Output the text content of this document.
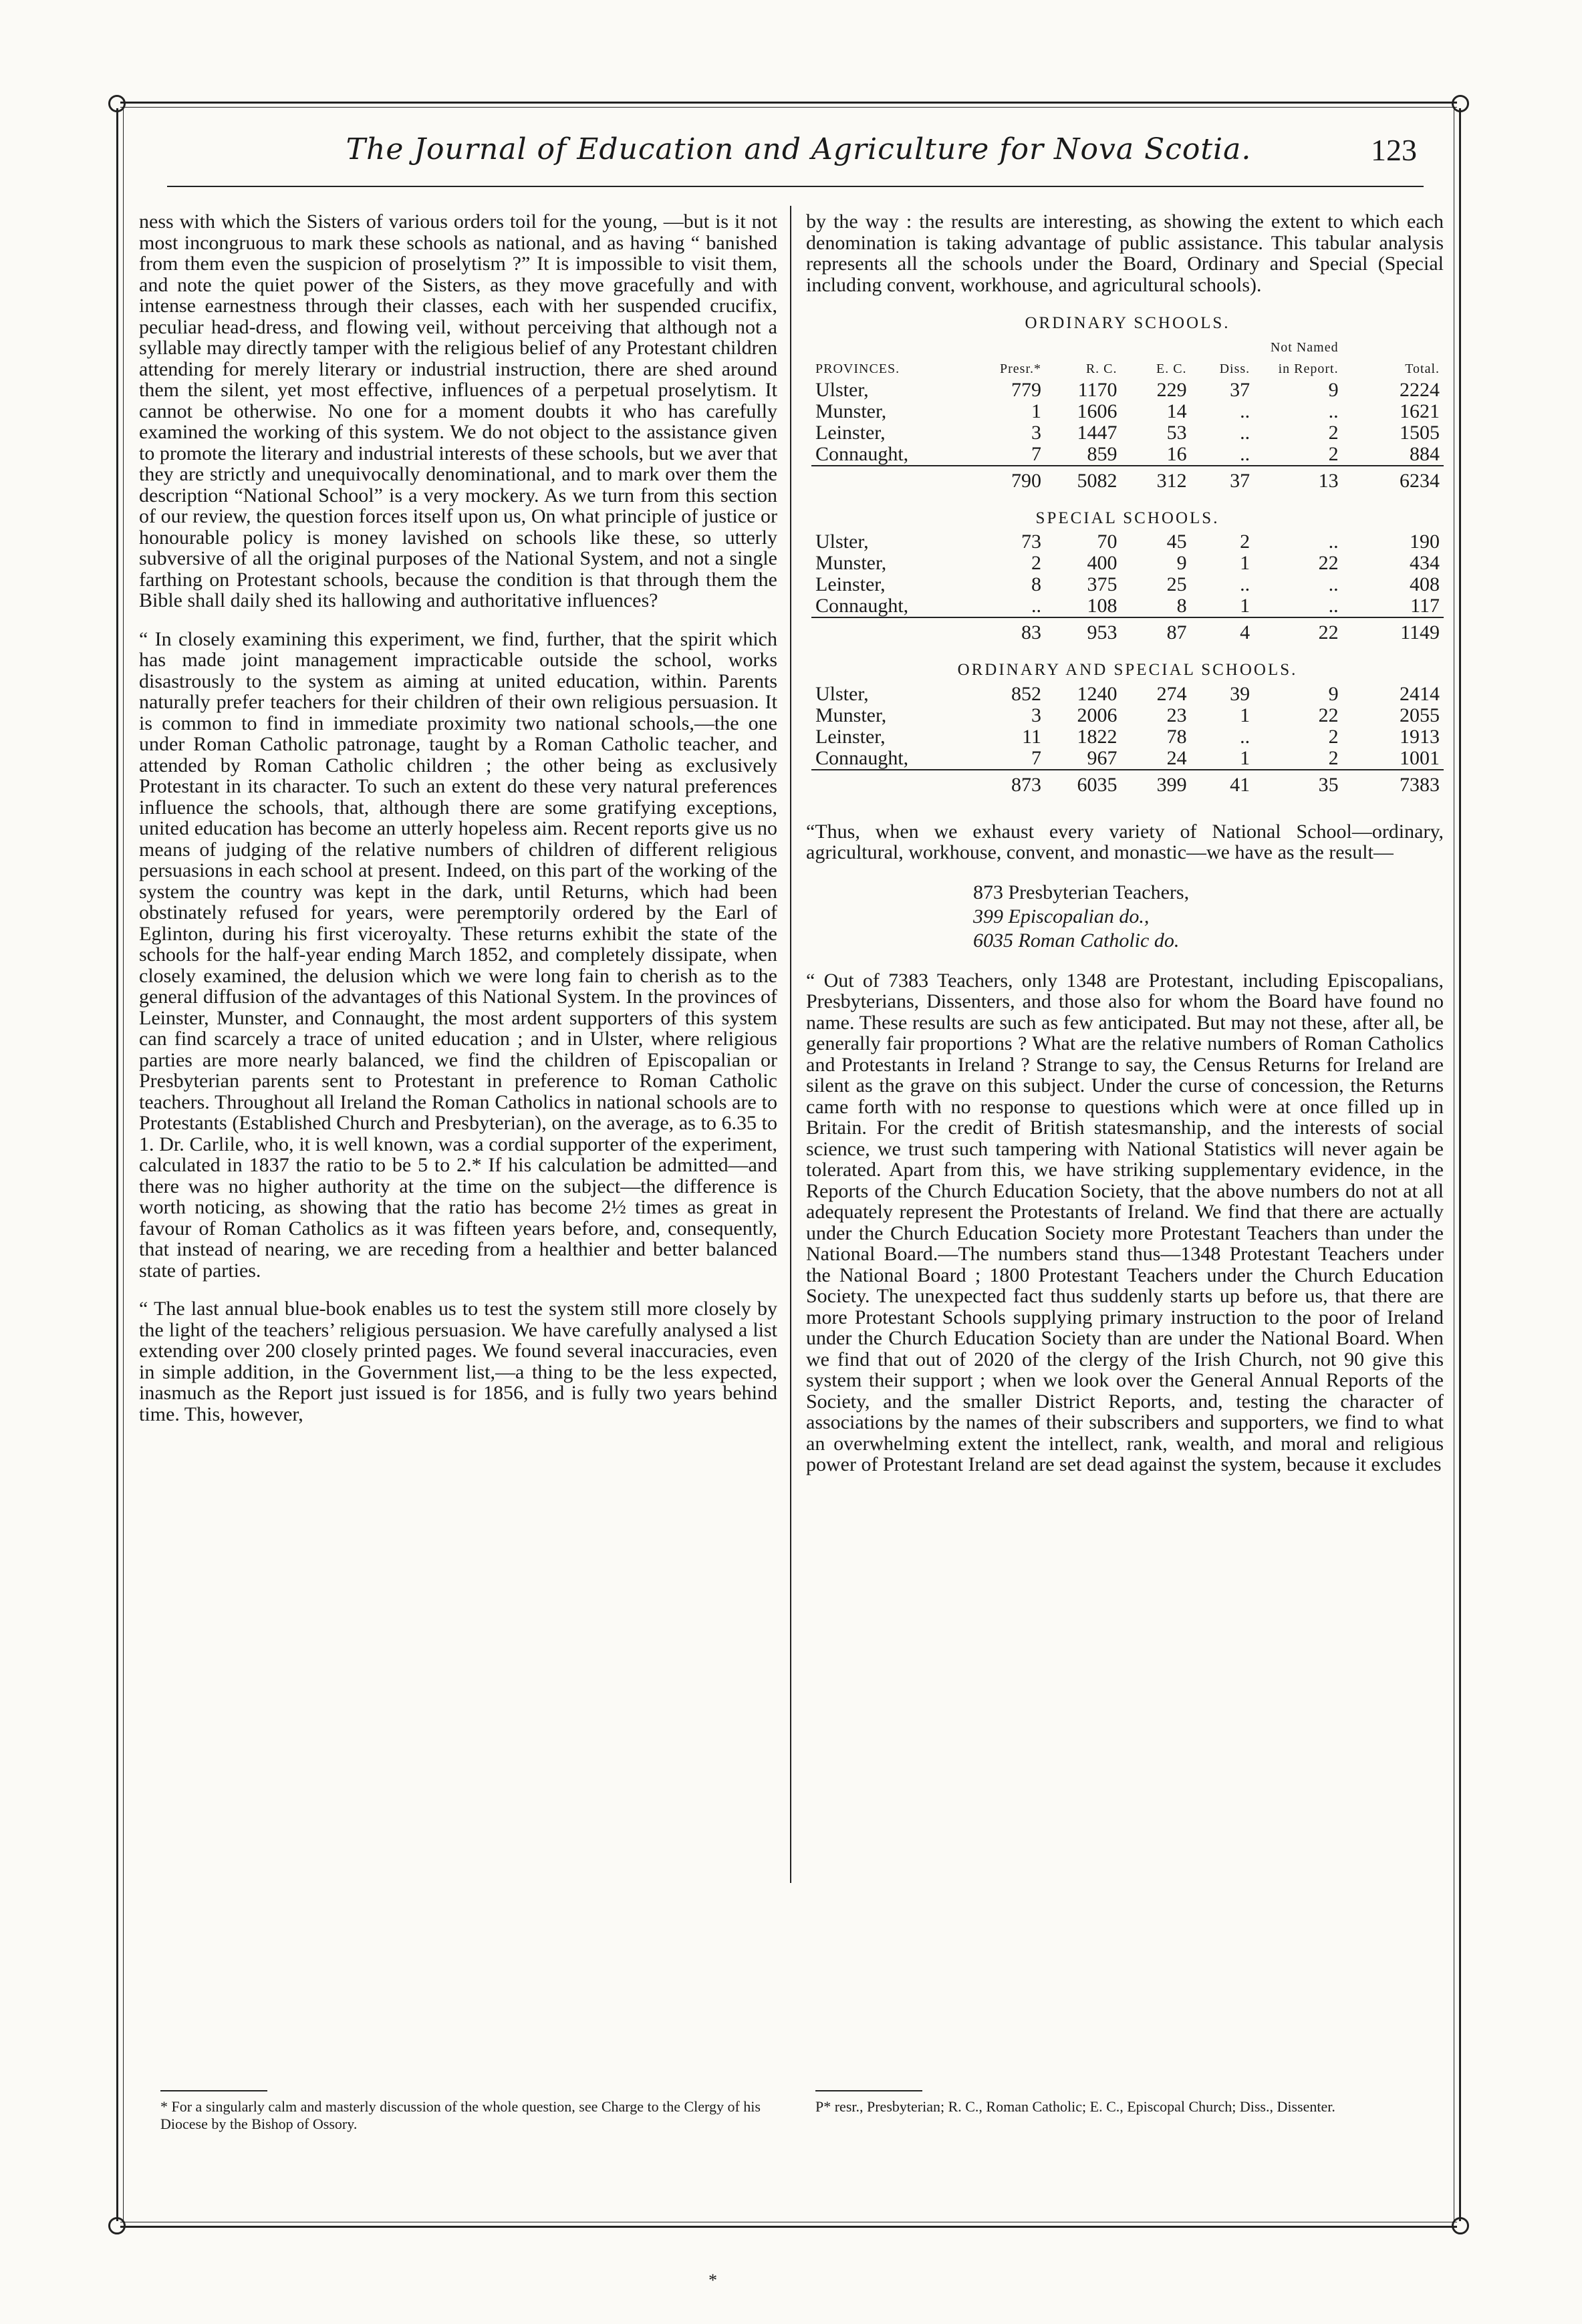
The Journal of Education and Agriculture for Nova Scotia.	123

ness with which the Sisters of various orders toil for the young, —but is it not most incongruous to mark these schools as national, and as having “ banished from them even the suspicion of proselytism ?” It is impossible to visit them, and note the quiet power of the Sisters, as they move gracefully and with intense earnestness through their classes, each with her suspended crucifix, peculiar head-dress, and flowing veil, without perceiving that although not a syllable may directly tamper with the religious belief of any Protestant children attending for merely literary or industrial instruction, there are shed around them the silent, yet most effective, influences of a perpetual proselytism. It cannot be otherwise. No one for a moment doubts it who has carefully examined the working of this system. We do not object to the assistance given to promote the literary and industrial interests of these schools, but we aver that they are strictly and unequivocally denominational, and to mark over them the description “National School” is a very mockery. As we turn from this section of our review, the question forces itself upon us, On what principle of justice or honourable policy is money lavished on schools like these, so utterly subversive of all the original purposes of the National System, and not a single farthing on Protestant schools, because the condition is that through them the Bible shall daily shed its hallowing and authoritative influences?

“ In closely examining this experiment, we find, further, that the spirit which has made joint management impracticable outside the school, works disastrously to the system as aiming at united education, within. Parents naturally prefer teachers for their children of their own religious persuasion. It is common to find in immediate proximity two national schools,—the one under Roman Catholic patronage, taught by a Roman Catholic teacher, and attended by Roman Catholic children ; the other being as exclusively Protestant in its character. To such an extent do these very natural preferences influence the schools, that, although there are some gratifying exceptions, united education has become an utterly hopeless aim. Recent reports give us no means of judging of the relative numbers of children of different religious persuasions in each school at present. Indeed, on this part of the working of the system the country was kept in the dark, until Returns, which had been obstinately refused for years, were peremptorily ordered by the Earl of Eglinton, during his first viceroyalty. These returns exhibit the state of the schools for the half-year ending March 1852, and completely dissipate, when closely examined, the delusion which we were long fain to cherish as to the general diffusion of the advantages of this National System. In the provinces of Leinster, Munster, and Connaught, the most ardent supporters of this system can find scarcely a trace of united education ; and in Ulster, where religious parties are more nearly balanced, we find the children of Episcopalian or Presbyterian parents sent to Protestant in preference to Roman Catholic teachers. Throughout all Ireland the Roman Catholics in national schools are to Protestants (Established Church and Presbyterian), on the average, as to 6.35 to 1. Dr. Carlile, who, it is well known, was a cordial supporter of the experiment, calculated in 1837 the ratio to be 5 to 2.* If his calculation be admitted—and there was no higher authority at the time on the subject—the difference is worth noticing, as showing that the ratio has become 2½ times as great in favour of Roman Catholics as it was fifteen years before, and, consequently, that instead of nearing, we are receding from a healthier and better balanced state of parties.

“ The last annual blue-book enables us to test the system still more closely by the light of the teachers’ religious persuasion. We have carefully analysed a list extending over 200 closely printed pages. We found several inaccuracies, even in simple addition, in the Government list,—a thing to be the less expected, inasmuch as the Report just issued is for 1856, and is fully two years behind time. This, however,

by the way : the results are interesting, as showing the extent to which each denomination is taking advantage of public assistance. This tabular analysis represents all the schools under the Board, Ordinary and Special (Special including convent, workhouse, and agricultural schools).

ORDINARY SCHOOLS.
PROVINCES.	Presr.*	R. C.	E. C.	Diss.	Not Named in Report.	Total.
Ulster,	779	1170	229	37	9	2224
Munster,	1	1606	14	..	..	1621
Leinster,	3	1447	53	..	2	1505
Connaught,	7	859	16	..	2	884
	790	5082	312	37	13	6234
SPECIAL SCHOOLS.
Ulster,	73	70	45	2	..	190
Munster,	2	400	9	1	22	434
Leinster,	8	375	25	..	..	408
Connaught,	..	108	8	1	..	117
	83	953	87	4	22	1149
ORDINARY AND SPECIAL SCHOOLS.
Ulster,	852	1240	274	39	9	2414
Munster,	3	2006	23	1	22	2055
Leinster,	11	1822	78	..	2	1913
Connaught,	7	967	24	1	2	1001
	873	6035	399	41	35	7383

“Thus, when we exhaust every variety of National School—ordinary, agricultural, workhouse, convent, and monastic—we have as the result—

873 Presbyterian Teachers,
399 Episcopalian do.,
6035 Roman Catholic do.

“ Out of 7383 Teachers, only 1348 are Protestant, including Episcopalians, Presbyterians, Dissenters, and those also for whom the Board have found no name. These results are such as few anticipated. But may not these, after all, be generally fair proportions ? What are the relative numbers of Roman Catholics and Protestants in Ireland ? Strange to say, the Census Returns for Ireland are silent as the grave on this subject. Under the curse of concession, the Returns came forth with no response to questions which were at once filled up in Britain. For the credit of British statesmanship, and the interests of social science, we trust such tampering with National Statistics will never again be tolerated. Apart from this, we have striking supplementary evidence, in the Reports of the Church Education Society, that the above numbers do not at all adequately represent the Protestants of Ireland. We find that there are actually under the Church Education Society more Protestant Teachers than under the National Board.—The numbers stand thus—1348 Protestant Teachers under the National Board ; 1800 Protestant Teachers under the Church Education Society. The unexpected fact thus suddenly starts up before us, that there are more Protestant Schools supplying primary instruction to the poor of Ireland under the Church Education Society than are under the National Board. When we find that out of 2020 of the clergy of the Irish Church, not 90 give this system their support ; when we look over the General Annual Reports of the Society, and the smaller District Reports, and, testing the character of associations by the names of their subscribers and supporters, we find to what an overwhelming extent the intellect, rank, wealth, and moral and religious power of Protestant Ireland are set dead against the system, because it excludes

* For a singularly calm and masterly discussion of the whole question, see Charge to the Clergy of his Diocese by the Bishop of Ossory.
P* resr., Presbyterian; R. C., Roman Catholic; E. C., Episcopal Church; Diss., Dissenter.
*
